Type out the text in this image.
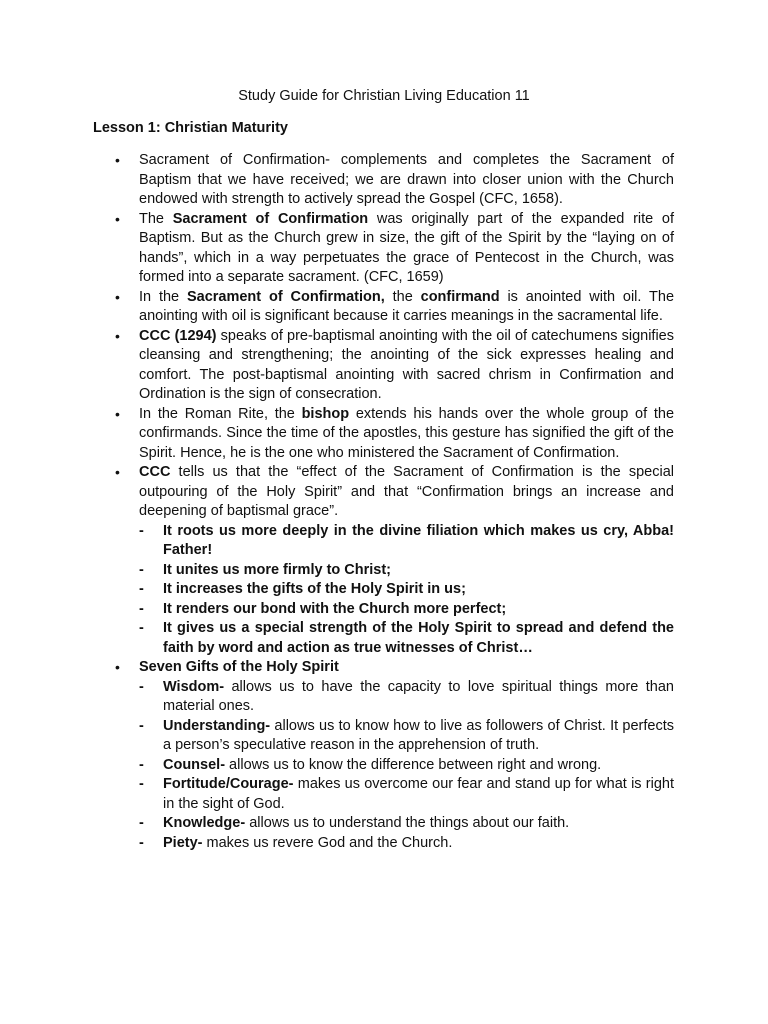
Study Guide for Christian Living Education 11
Lesson 1: Christian Maturity
• Sacrament of Confirmation- complements and completes the Sacrament of Baptism that we have received; we are drawn into closer union with the Church endowed with strength to actively spread the Gospel (CFC, 1658).
• The Sacrament of Confirmation was originally part of the expanded rite of Baptism. But as the Church grew in size, the gift of the Spirit by the “laying on of hands”, which in a way perpetuates the grace of Pentecost in the Church, was formed into a separate sacrament. (CFC, 1659)
• In the Sacrament of Confirmation, the confirmand is anointed with oil. The anointing with oil is significant because it carries meanings in the sacramental life.
• CCC (1294) speaks of pre-baptismal anointing with the oil of catechumens signifies cleansing and strengthening; the anointing of the sick expresses healing and comfort. The post-baptismal anointing with sacred chrism in Confirmation and Ordination is the sign of consecration.
• In the Roman Rite, the bishop extends his hands over the whole group of the confirmands. Since the time of the apostles, this gesture has signified the gift of the Spirit. Hence, he is the one who ministered the Sacrament of Confirmation.
• CCC tells us that the “effect of the Sacrament of Confirmation is the special outpouring of the Holy Spirit” and that “Confirmation brings an increase and deepening of baptismal grace”.
- It roots us more deeply in the divine filiation which makes us cry, Abba! Father!
- It unites us more firmly to Christ;
- It increases the gifts of the Holy Spirit in us;
- It renders our bond with the Church more perfect;
- It gives us a special strength of the Holy Spirit to spread and defend the faith by word and action as true witnesses of Christ…
• Seven Gifts of the Holy Spirit
- Wisdom- allows us to have the capacity to love spiritual things more than material ones.
- Understanding- allows us to know how to live as followers of Christ. It perfects a person’s speculative reason in the apprehension of truth.
- Counsel- allows us to know the difference between right and wrong.
- Fortitude/Courage- makes us overcome our fear and stand up for what is right in the sight of God.
- Knowledge- allows us to understand the things about our faith.
- Piety- makes us revere God and the Church.
